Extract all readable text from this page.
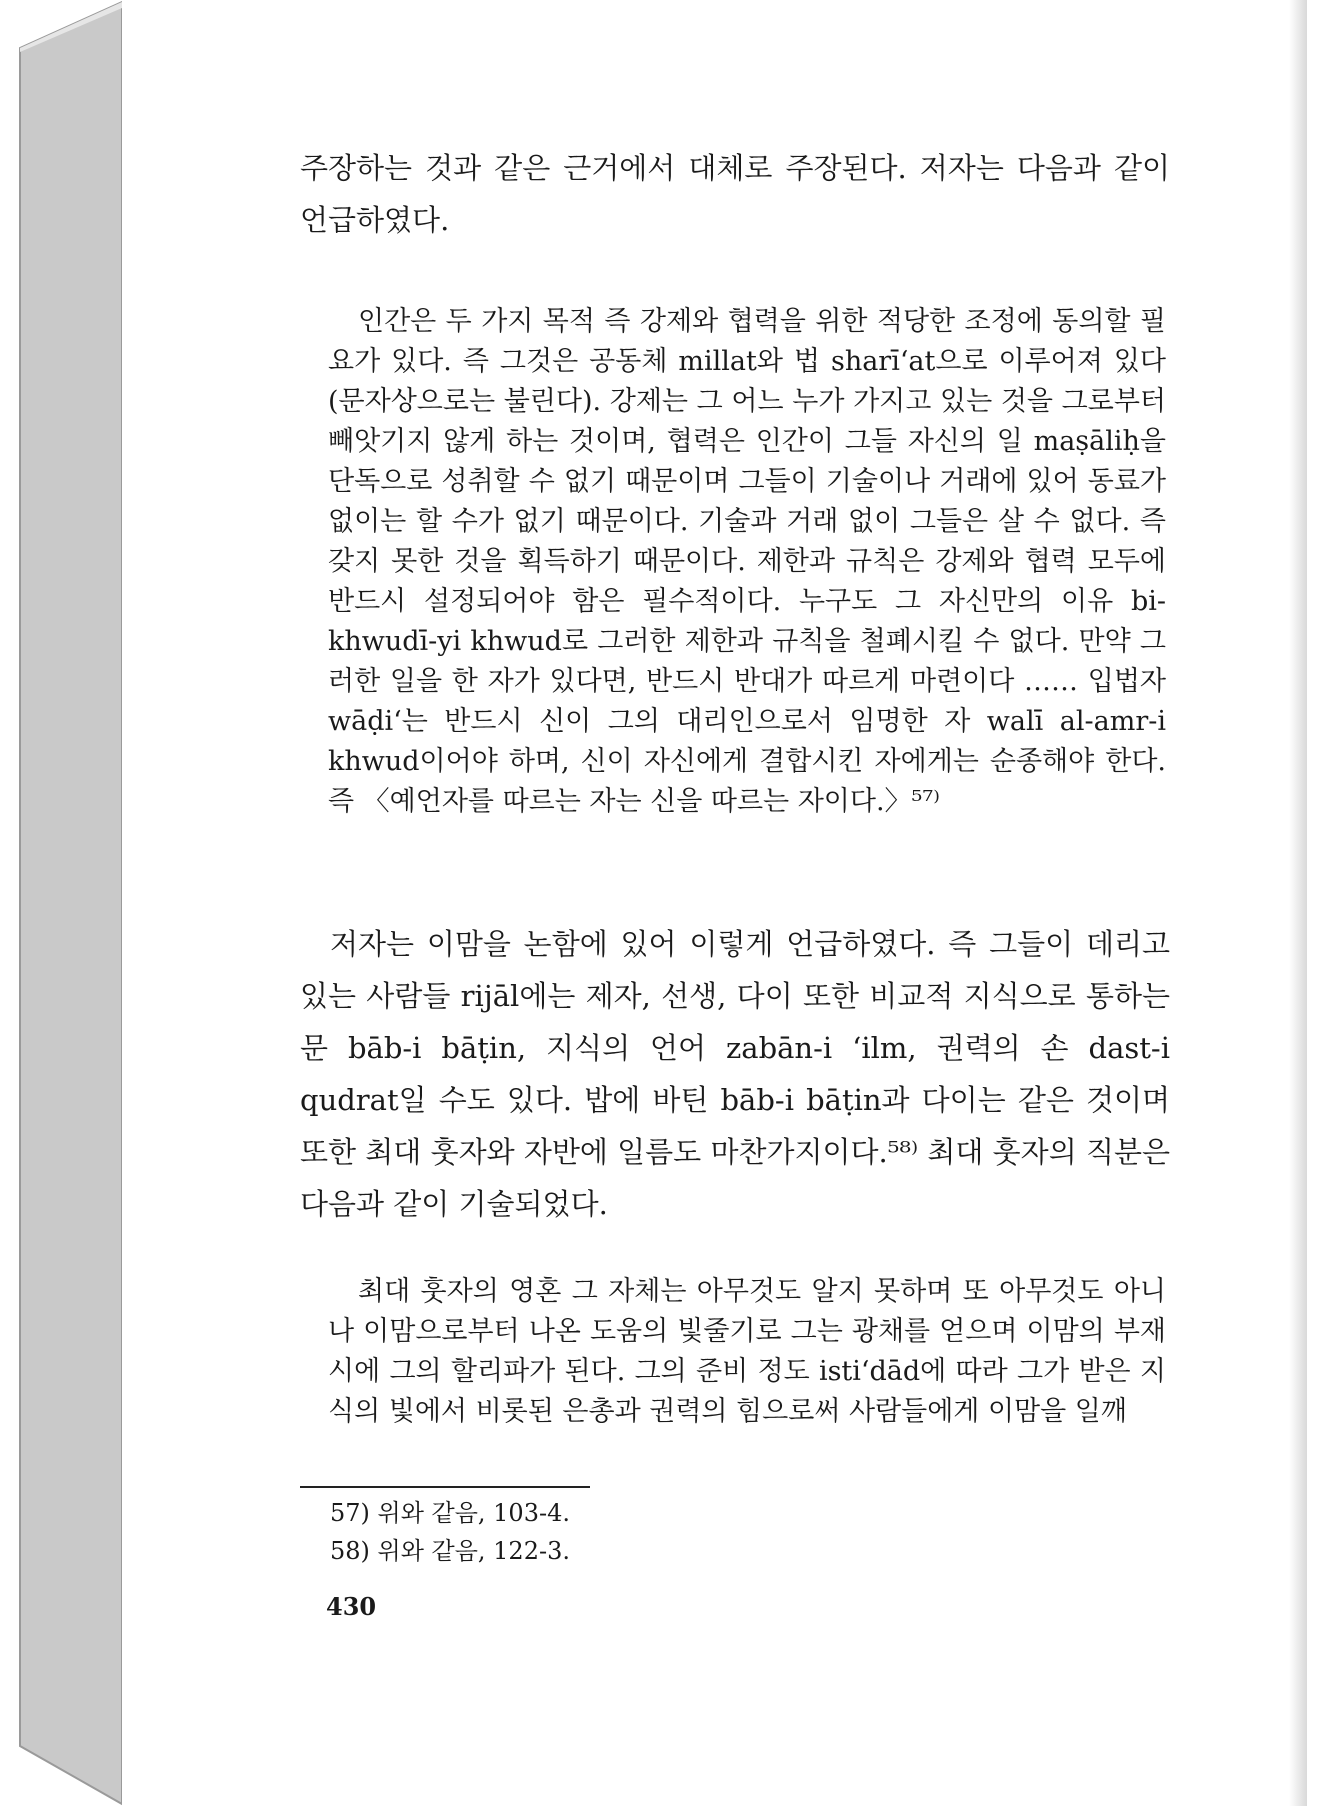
주장하는 것과 같은 근거에서 대체로 주장된다. 저자는 다음과 같이 언급하였다.

인간은 두 가지 목적 즉 강제와 협력을 위한 적당한 조정에 동의할 필요가 있다. 즉 그것은 공동체 millat와 법 sharī‘at으로 이루어져 있다(문자상으로는 불린다). 강제는 그 어느 누가 가지고 있는 것을 그로부터 빼앗기지 않게 하는 것이며, 협력은 인간이 그들 자신의 일 maṣāliḥ을 단독으로 성취할 수 없기 때문이며 그들이 기술이나 거래에 있어 동료가 없이는 할 수가 없기 때문이다. 기술과 거래 없이 그들은 살 수 없다. 즉 갖지 못한 것을 획득하기 때문이다. 제한과 규칙은 강제와 협력 모두에 반드시 설정되어야 함은 필수적이다. 누구도 그 자신만의 이유 bi-khwudī-yi khwud로 그러한 제한과 규칙을 철폐시킬 수 없다. 만약 그러한 일을 한 자가 있다면, 반드시 반대가 따르게 마련이다 …… 입법자 wāḍi‘는 반드시 신이 그의 대리인으로서 임명한 자 walī al-amr-i khwud이어야 하며, 신이 자신에게 결합시킨 자에게는 순종해야 한다. 즉 〈예언자를 따르는 자는 신을 따르는 자이다.〉⁵⁷⁾

저자는 이맘을 논함에 있어 이렇게 언급하였다. 즉 그들이 데리고 있는 사람들 rijāl에는 제자, 선생, 다이 또한 비교적 지식으로 통하는 문 bāb-i bāṭin, 지식의 언어 zabān-i ‘ilm, 권력의 손 dast-i qudrat일 수도 있다. 밥에 바틴 bāb-i bāṭin과 다이는 같은 것이며 또한 최대 훗자와 자반에 일름도 마찬가지이다.⁵⁸⁾ 최대 훗자의 직분은 다음과 같이 기술되었다.

최대 훗자의 영혼 그 자체는 아무것도 알지 못하며 또 아무것도 아니나 이맘으로부터 나온 도움의 빛줄기로 그는 광채를 얻으며 이맘의 부재시에 그의 할리파가 된다. 그의 준비 정도 isti‘dād에 따라 그가 받은 지식의 빛에서 비롯된 은총과 권력의 힘으로써 사람들에게 이맘을 일깨

57) 위와 같음, 103-4.

58) 위와 같음, 122-3.

430
